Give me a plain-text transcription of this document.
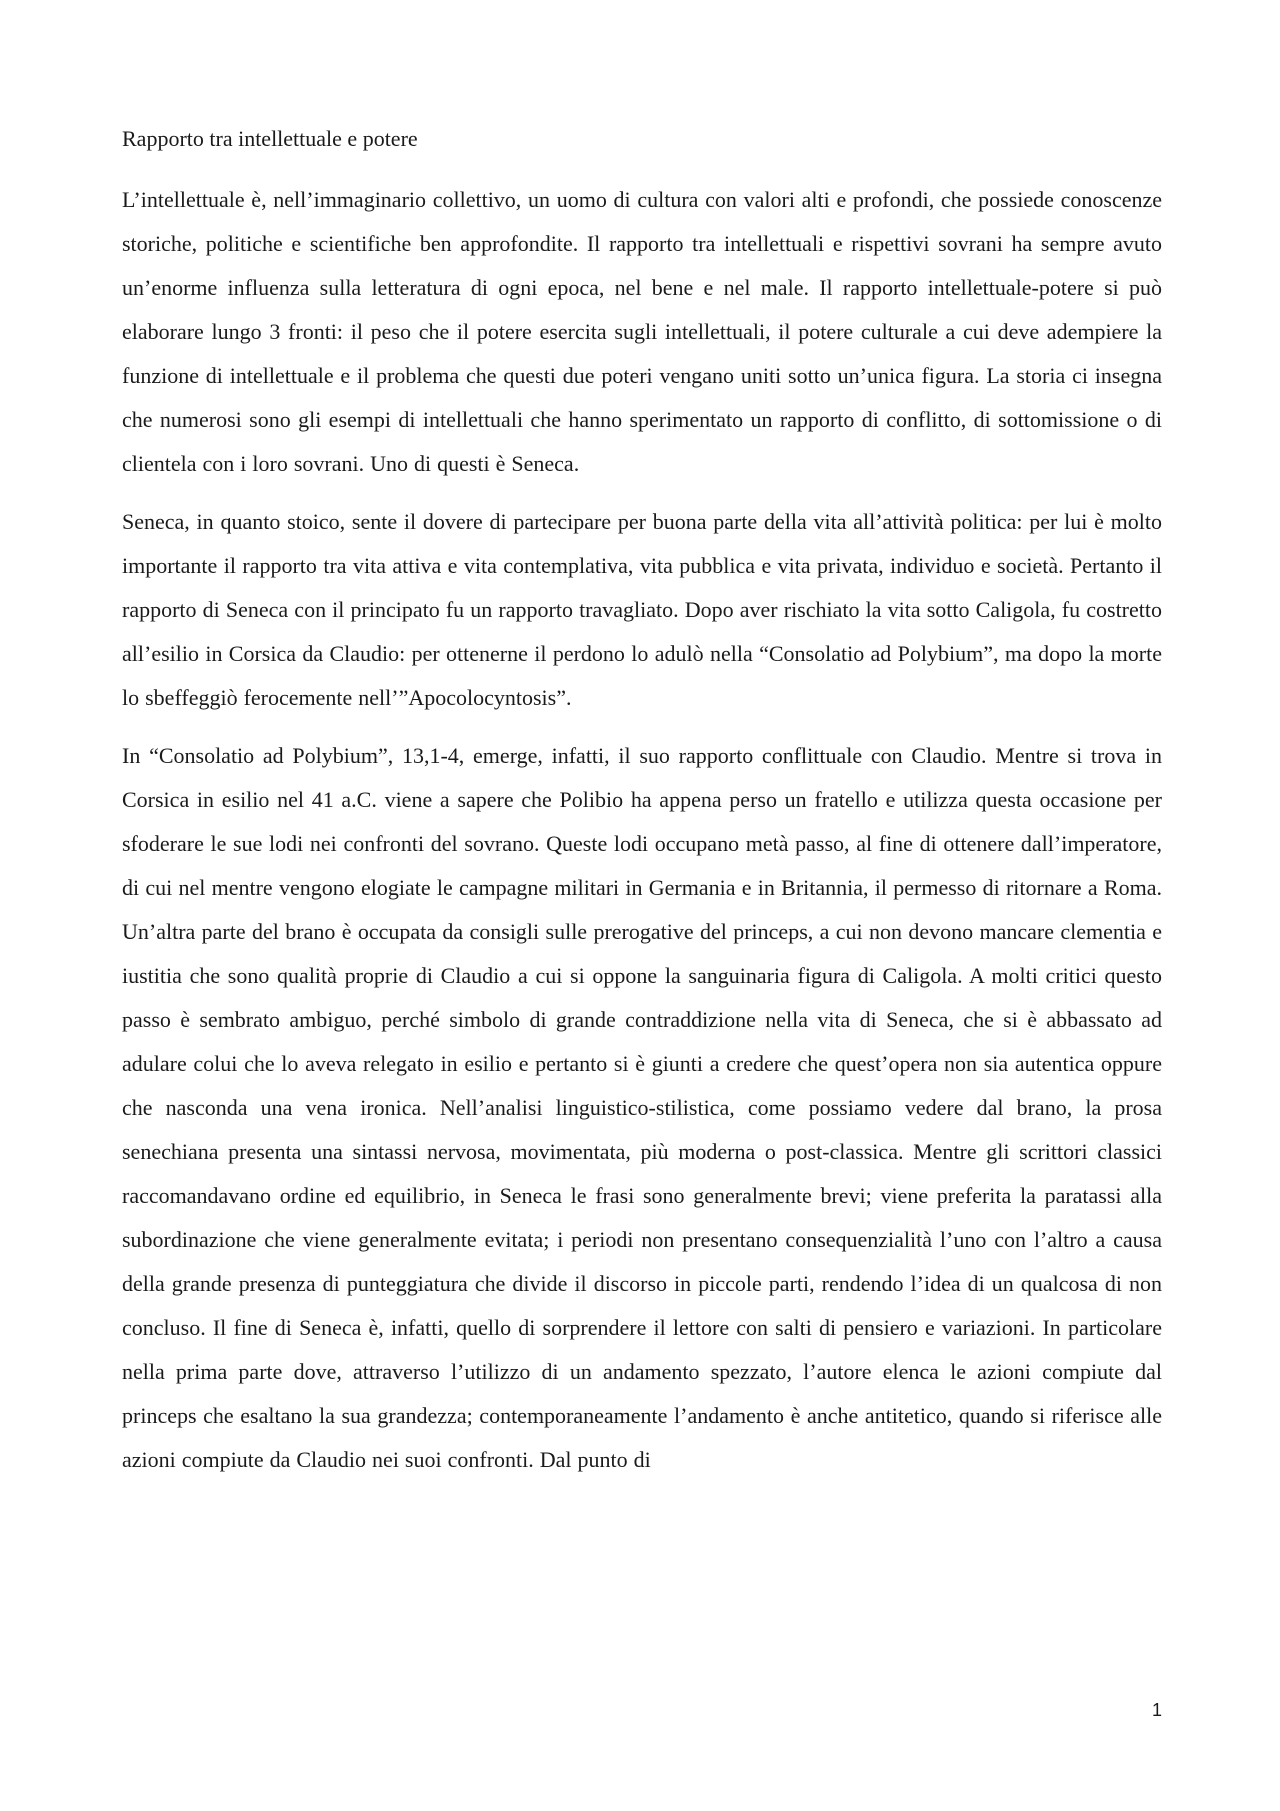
Rapporto tra intellettuale e potere

L’intellettuale è, nell’immaginario collettivo, un uomo di cultura con valori alti e profondi, che possiede conoscenze storiche, politiche e scientifiche ben approfondite. Il rapporto tra intellettuali e rispettivi sovrani ha sempre avuto un’enorme influenza sulla letteratura di ogni epoca, nel bene e nel male. Il rapporto intellettuale-potere si può elaborare lungo 3 fronti: il peso che il potere esercita sugli intellettuali, il potere culturale a cui deve adempiere la funzione di intellettuale e il problema che questi due poteri vengano uniti sotto un’unica figura. La storia ci insegna che numerosi sono gli esempi di intellettuali che hanno sperimentato un rapporto di conflitto, di sottomissione o di clientela con i loro sovrani. Uno di questi è Seneca.

Seneca, in quanto stoico, sente il dovere di partecipare per buona parte della vita all’attività politica: per lui è molto importante il rapporto tra vita attiva e vita contemplativa, vita pubblica e vita privata, individuo e società. Pertanto il rapporto di Seneca con il principato fu un rapporto travagliato. Dopo aver rischiato la vita sotto Caligola, fu costretto all’esilio in Corsica da Claudio: per ottenerne il perdono lo adulò nella “Consolatio ad Polybium”, ma dopo la morte lo sbeffeggiò ferocemente nell’”Apocolocyntosis”.

In “Consolatio ad Polybium”, 13,1-4, emerge, infatti, il suo rapporto conflittuale con Claudio. Mentre si trova in Corsica in esilio nel 41 a.C. viene a sapere che Polibio ha appena perso un fratello e utilizza questa occasione per sfoderare le sue lodi nei confronti del sovrano. Queste lodi occupano metà passo, al fine di ottenere dall’imperatore, di cui nel mentre vengono elogiate le campagne militari in Germania e in Britannia, il permesso di ritornare a Roma. Un’altra parte del brano è occupata da consigli sulle prerogative del princeps, a cui non devono mancare clementia e iustitia che sono qualità proprie di Claudio a cui si oppone la sanguinaria figura di Caligola. A molti critici questo passo è sembrato ambiguo, perché simbolo di grande contraddizione nella vita di Seneca, che si è abbassato ad adulare colui che lo aveva relegato in esilio e pertanto si è giunti a credere che quest’opera non sia autentica oppure che nasconda una vena ironica. Nell’analisi linguistico-stilistica, come possiamo vedere dal brano, la prosa senechiana presenta una sintassi nervosa, movimentata, più moderna o post-classica. Mentre gli scrittori classici raccomandavano ordine ed equilibrio, in Seneca le frasi sono generalmente brevi; viene preferita la paratassi alla subordinazione che viene generalmente evitata; i periodi non presentano consequenzialità l’uno con l’altro a causa della grande presenza di punteggiatura che divide il discorso in piccole parti, rendendo l’idea di un qualcosa di non concluso. Il fine di Seneca è, infatti, quello di sorprendere il lettore con salti di pensiero e variazioni. In particolare nella prima parte dove, attraverso l’utilizzo di un andamento spezzato, l’autore elenca le azioni compiute dal princeps che esaltano la sua grandezza; contemporaneamente l’andamento è anche antitetico, quando si riferisce alle azioni compiute da Claudio nei suoi confronti. Dal punto di

1
